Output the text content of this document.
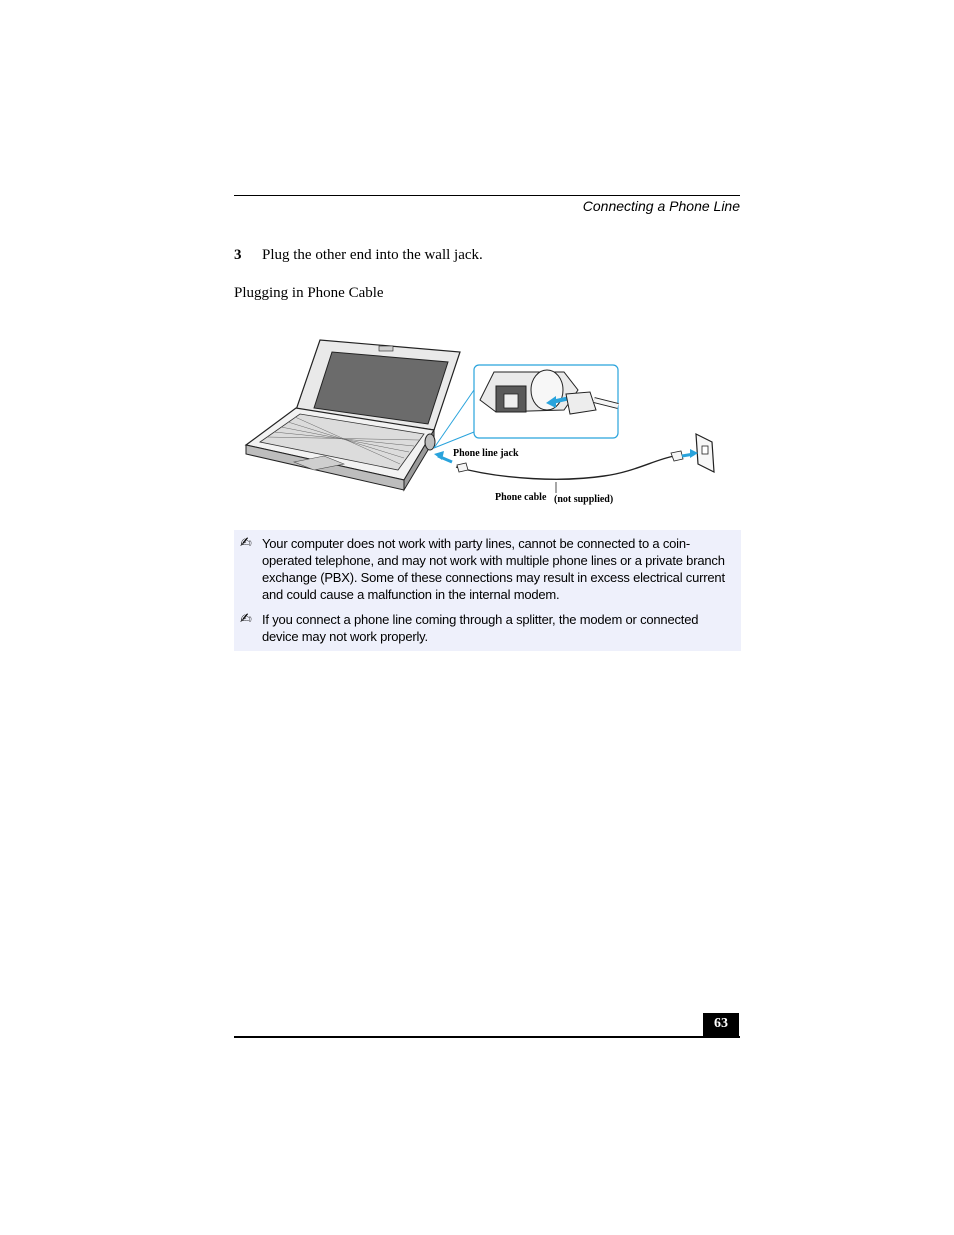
Connecting a Phone Line
3 Plug the other end into the wall jack.
Plugging in Phone Cable
Phone line jack
Phone cable (not supplied)
✍ Your computer does not work with party lines, cannot be connected to a coin-operated telephone, and may not work with multiple phone lines or a private branch exchange (PBX). Some of these connections may result in excess electrical current and could cause a malfunction in the internal modem.
✍ If you connect a phone line coming through a splitter, the modem or connected device may not work properly.
63
